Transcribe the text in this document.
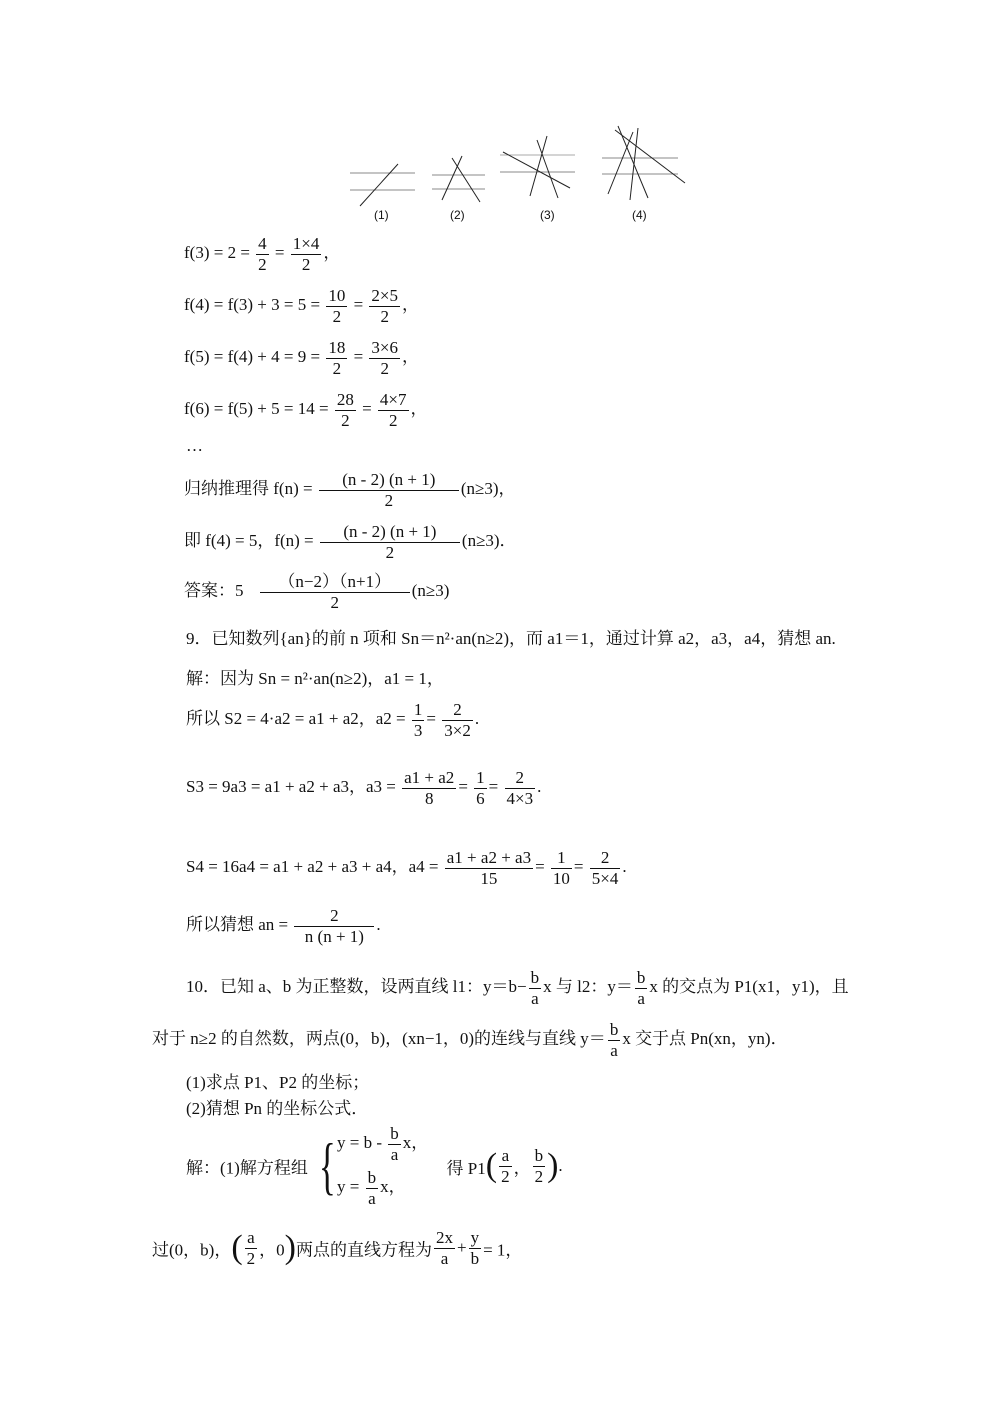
(1)	(2)	(3)	(4)
$f(3) = 2 = \frac{4}{2} = \frac{1\times 4}{2}$ ，
$f(4) = f(3) + 3 = 5 = \frac{10}{2} = \frac{2\times 5}{2}$ ，
$f(5) = f(4) + 4 = 9 = \frac{18}{2} = \frac{3\times 6}{2}$ ，
$f(6) = f(5) + 5 = 14 = \frac{28}{2} = \frac{4\times 7}{2}$ ，
…
归纳推理得 $f(n) = \frac{(n - 2) (n + 1)}{2} (n\ge 3)$，
即 f(4) = 5，$f(n) = \frac{(n - 2) (n + 1)}{2} (n\ge 3)$．
答案：$5 \frac{(n-2)(n+1)}{2} (n\ge 3)$
9．已知数列{an}的前 n 项和 Sn＝n²·an(n≥2)，而 a1＝1，通过计算 a2，a3，a4，猜想 an.
解：因为 Sn = n²·an(n≥2)，a1 = 1，
所以 S2 = 4·a2 = a1 + a2，$a2 = \frac{1}{3} = \frac{2}{3\times 2}$ .
S3 = 9a3 = a1 + a2 + a3，$a3 = \frac{a1 + a2}{8} = \frac{1}{6} = \frac{2}{4\times 3}$ .
S4 = 16a4 = a1 + a2 + a3 + a4，$a4 = \frac{a1 + a2 + a3}{15} = \frac{1}{10} = \frac{2}{5\times 4}$ .
所以猜想 an = $\frac{2}{n (n + 1)}$ .
10．已知 a、b 为正整数，设两直线 l1：$y=b- \frac{b}{a}$ x 与 l2：$y= \frac{b}{a}$ x 的交点为 P1(x1，y1)，且
对于 n≥2 的自然数，两点(0，b)，(xn−1，0)的连线与直线 $y= \frac{b}{a}$ x 交于点 Pn(xn，yn)．
(1)求点 P1、P2 的坐标；
(2)猜想 Pn 的坐标公式．
解：(1)解方程组 { $y = b - \frac{b}{a}$ x，
$y = \frac{b}{a}$ x，
得 $P1( \frac{a}{2}$ ， $\frac{b}{2}$ ).
过(0，b)，( $\frac{a}{2}$ ，0)两点的直线方程为 $\frac{2x}{a} + \frac{y}{b} = 1$，
